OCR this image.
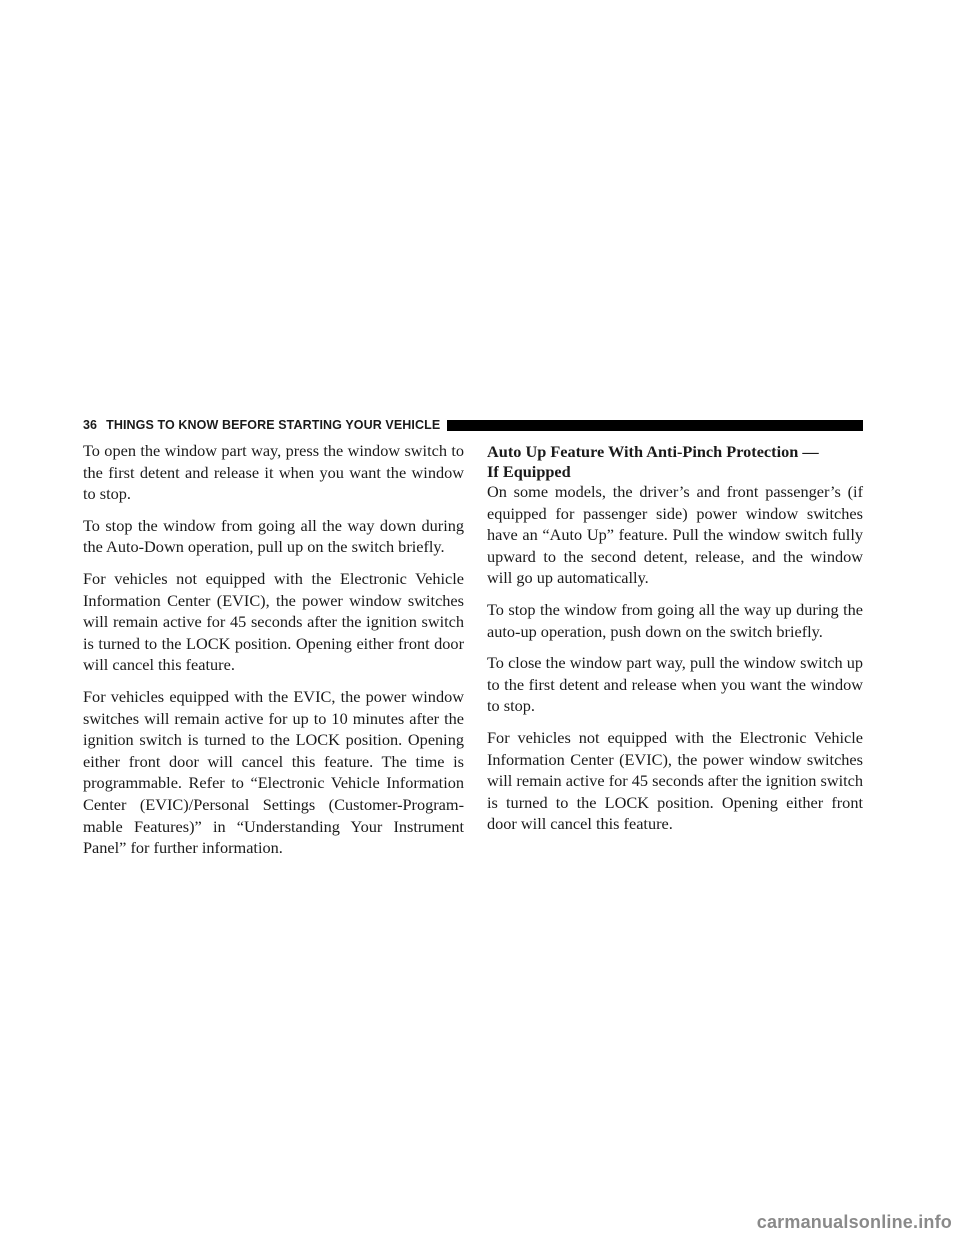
36 THINGS TO KNOW BEFORE STARTING YOUR VEHICLE

To open the window part way, press the window switch to the first detent and release it when you want the window to stop.

To stop the window from going all the way down during the Auto-Down operation, pull up on the switch briefly.

For vehicles not equipped with the Electronic Vehicle Information Center (EVIC), the power window switches will remain active for 45 seconds after the ignition switch is turned to the LOCK position. Opening either front door will cancel this feature.

For vehicles equipped with the EVIC, the power window switches will remain active for up to 10 minutes after the ignition switch is turned to the LOCK position. Opening either front door will cancel this feature. The time is programmable. Refer to “Electronic Vehicle Information Center (EVIC)/Personal Settings (Customer-Program-mable Features)” in “Understanding Your Instrument Panel” for further information.

Auto Up Feature With Anti-Pinch Protection —
If Equipped

On some models, the driver’s and front passenger’s (if equipped for passenger side) power window switches have an “Auto Up” feature. Pull the window switch fully upward to the second detent, release, and the window will go up automatically.

To stop the window from going all the way up during the auto-up operation, push down on the switch briefly.

To close the window part way, pull the window switch up to the first detent and release when you want the window to stop.

For vehicles not equipped with the Electronic Vehicle Information Center (EVIC), the power window switches will remain active for 45 seconds after the ignition switch is turned to the LOCK position. Opening either front door will cancel this feature.

carmanualsonline.info
